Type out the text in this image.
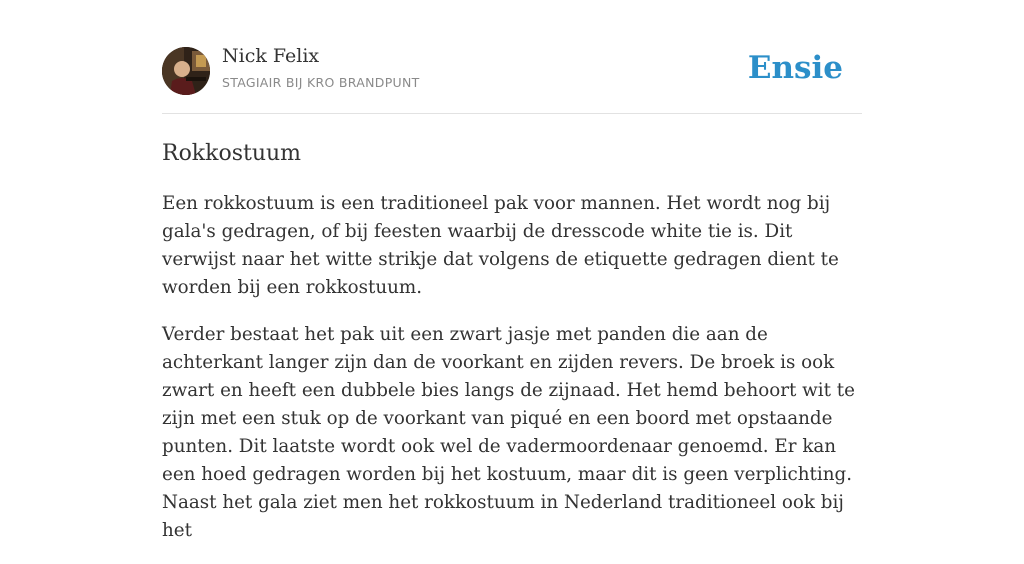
Nick Felix
STAGIAIR BIJ KRO BRANDPUNT	Ensie
Rokkostuum

Een rokkostuum is een traditioneel pak voor mannen. Het wordt nog bij gala's gedragen, of bij feesten waarbij de dresscode white tie is. Dit verwijst naar het witte strikje dat volgens de etiquette gedragen dient te worden bij een rokkostuum.

Verder bestaat het pak uit een zwart jasje met panden die aan de achterkant langer zijn dan de voorkant en zijden revers. De broek is ook zwart en heeft een dubbele bies langs de zijnaad. Het hemd behoort wit te zijn met een stuk op de voorkant van piqué en een boord met opstaande punten. Dit laatste wordt ook wel de vadermoordenaar genoemd. Er kan een hoed gedragen worden bij het kostuum, maar dit is geen verplichting.

Naast het gala ziet men het rokkostuum in Nederland traditioneel ook bij het
